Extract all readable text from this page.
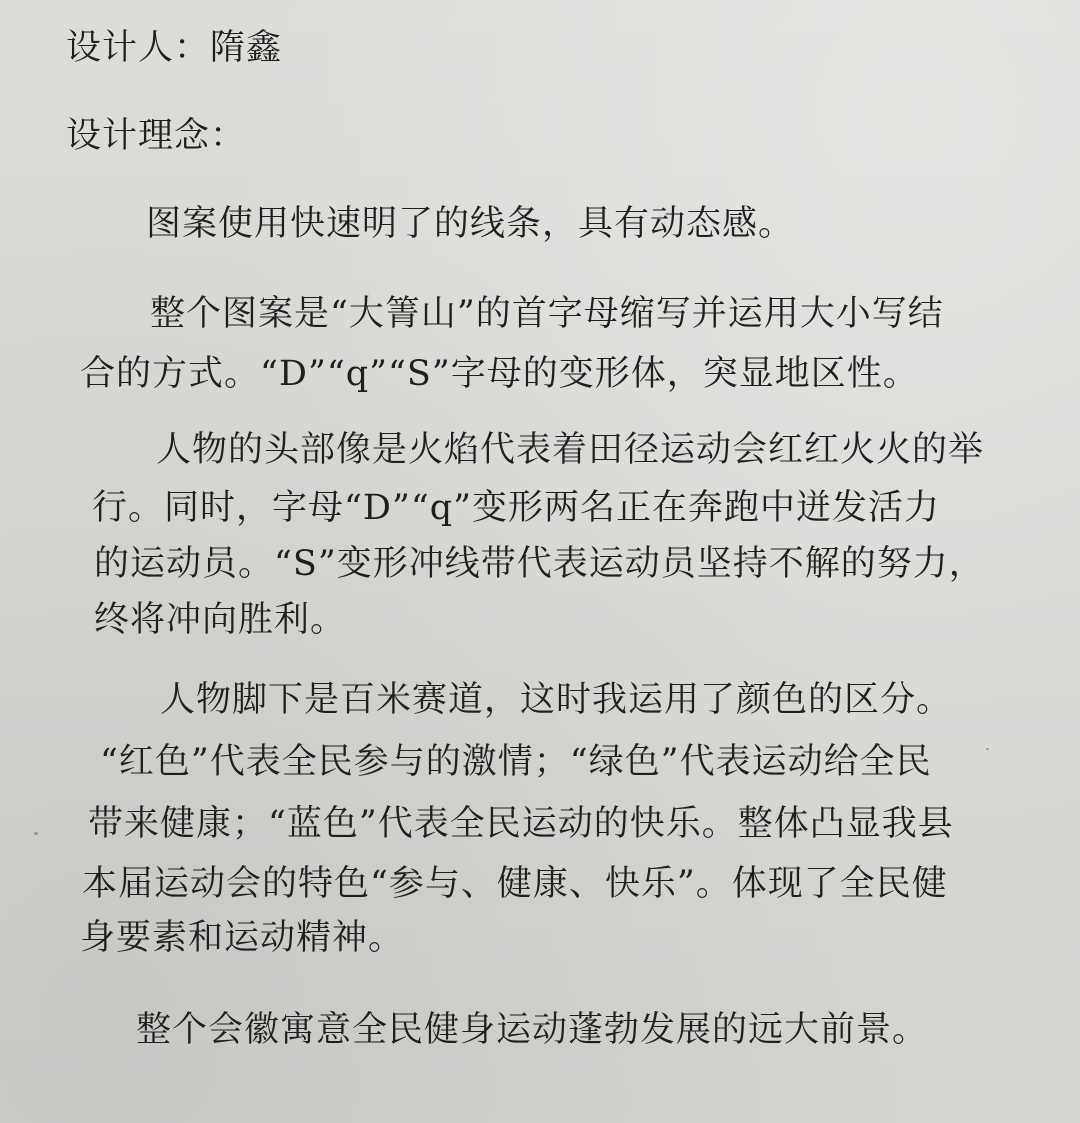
设计人：隋鑫
设计理念：
图案使用快速明了的线条，具有动态感。
整个图案是“大箐山”的首字母缩写并运用大小写结
合的方式。“D”“q”“S”字母的变形体，突显地区性。
人物的头部像是火焰代表着田径运动会红红火火的举
行。同时，字母“D”“q”变形两名正在奔跑中迸发活力
的运动员。“S”变形冲线带代表运动员坚持不解的努力，
终将冲向胜利。
人物脚下是百米赛道，这时我运用了颜色的区分。
“红色”代表全民参与的激情；“绿色”代表运动给全民
带来健康；“蓝色”代表全民运动的快乐。整体凸显我县
本届运动会的特色“参与、健康、快乐”。体现了全民健
身要素和运动精神。
整个会徽寓意全民健身运动蓬勃发展的远大前景。
